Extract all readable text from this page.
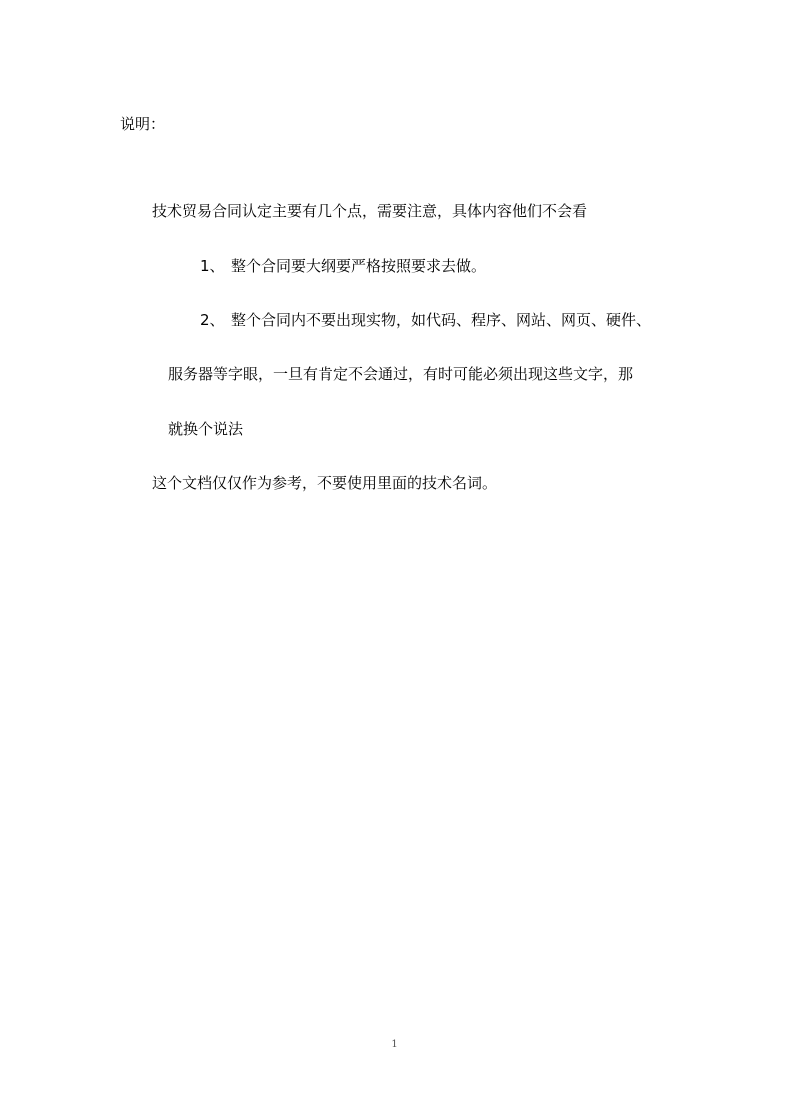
说明：
技术贸易合同认定主要有几个点，需要注意，具体内容他们不会看
1、 整个合同要大纲要严格按照要求去做。
2、 整个合同内不要出现实物，如代码、程序、网站、网页、硬件、
服务器等字眼，一旦有肯定不会通过，有时可能必须出现这些文字，那
就换个说法
这个文档仅仅作为参考，不要使用里面的技术名词。
1
